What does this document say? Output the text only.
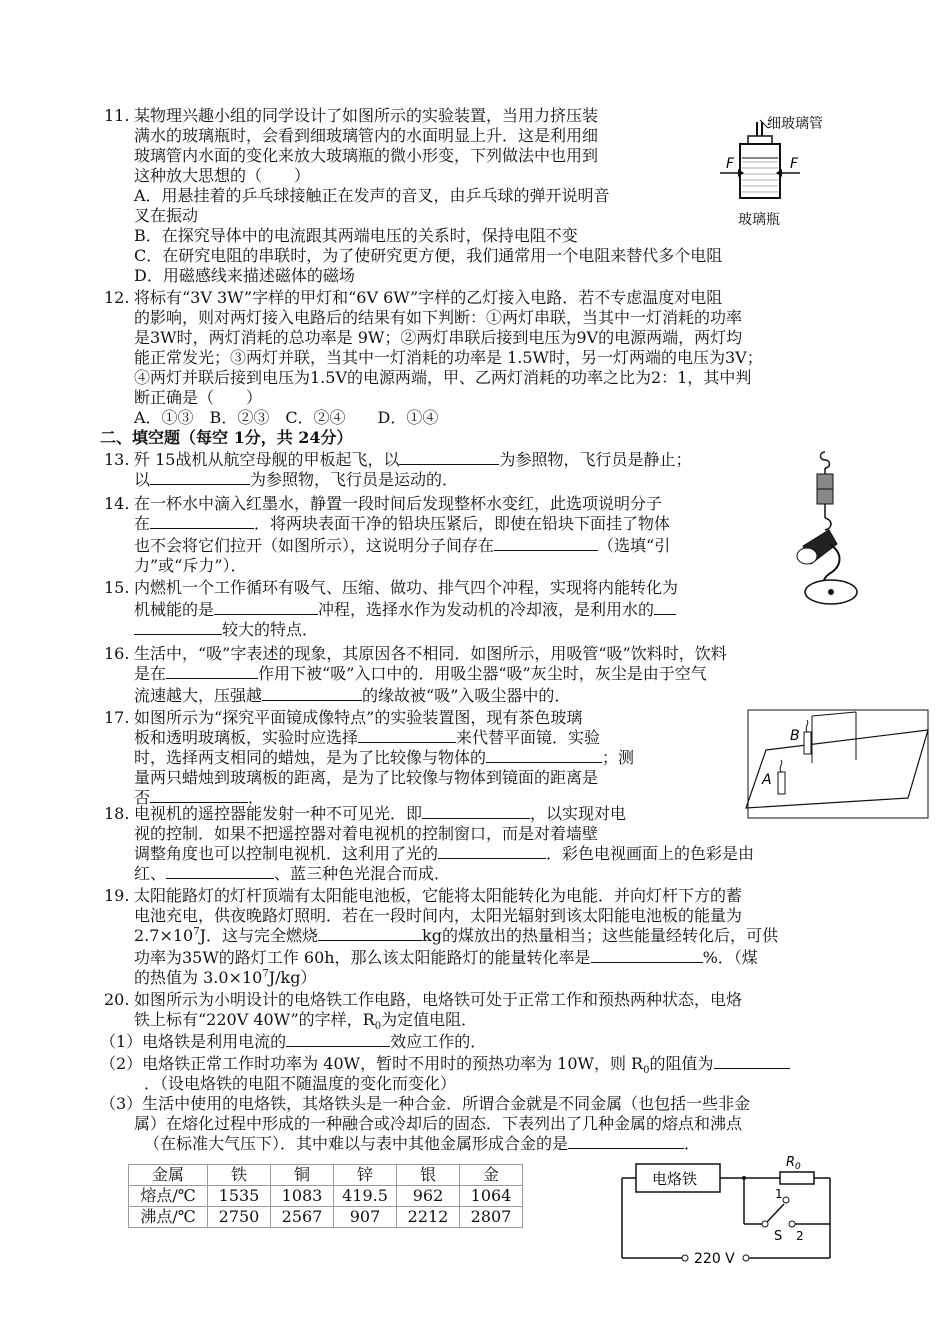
11. 某物理兴趣小组的同学设计了如图所示的实验装置，当用力挤压装
满水的玻璃瓶时，会看到细玻璃管内的水面明显上升．这是利用细
玻璃管内水面的变化来放大玻璃瓶的微小形变，下列做法中也用到
这种放大思想的（　　）
A．用悬挂着的乒乓球接触正在发声的音叉，由乒乓球的弹开说明音
叉在振动
B．在探究导体中的电流跟其两端电压的关系时，保持电阻不变
C．在研究电阻的串联时，为了使研究更方便，我们通常用一个电阻来替代多个电阻
D．用磁感线来描述磁体的磁场
细玻璃管
F	F
玻璃瓶
12. 将标有“3V 3W”字样的甲灯和“6V 6W”字样的乙灯接入电路．若不专虑温度对电阻
的影响，则对两灯接入电路后的结果有如下判断：①两灯串联，当其中一灯消耗的功率
是3W时，两灯消耗的总功率是 9W；②两灯串联后接到电压为9V的电源两端，两灯均
能正常发光；③两灯并联，当其中一灯消耗的功率是 1.5W时，另一灯两端的电压为3V；
④两灯并联后接到电压为1.5V的电源两端，甲、乙两灯消耗的功率之比为2：1，其中判
断正确是（　　）
A．①③　B．②③　C．②④　　D．①④
二、填空题（每空 1分，共 24分）
13. 歼 15战机从航空母舰的甲板起飞，以	为参照物，飞行员是静止；
以	为参照物，飞行员是运动的．
14. 在一杯水中滴入红墨水，静置一段时间后发现整杯水变红，此选项说明分子
在	．将两块表面干净的铅块压紧后，即使在铅块下面挂了物体
也不会将它们拉开（如图所示），这说明分子间存在	（选填“引
力”或“斥力”）．
15. 内燃机一个工作循环有吸气、压缩、做功、排气四个冲程，实现将内能转化为
机械能的是	冲程，选择水作为发动机的冷却液，是利用水的
较大的特点．
16. 生活中，“吸”字表述的现象，其原因各不相同．如图所示，用吸管“吸”饮料时，饮料
是在	作用下被“吸”入口中的．用吸尘器“吸”灰尘时，灰尘是由于空气
流速越大，压强越	的缘故被“吸”入吸尘器中的．
17. 如图所示为“探究平面镜成像特点”的实验装置图，现有茶色玻璃
板和透明玻璃板，实验时应选择	来代替平面镜．实验
时，选择两支相同的蜡烛，是为了比较像与物体的	；测
量两只蜡烛到玻璃板的距离，是为了比较像与物体到镜面的距离是
否	．
B
A
18. 电视机的遥控器能发射一种不可见光．即	，以实现对电
视的控制．如果不把遥控器对着电视机的控制窗口，而是对着墙壁
调整角度也可以控制电视机．这利用了光的	．彩色电视画面上的色彩是由
红、	、蓝三种色光混合而成．
19. 太阳能路灯的灯杆顶端有太阳能电池板，它能将太阳能转化为电能．并向灯杆下方的蓄
电池充电，供夜晚路灯照明．若在一段时间内，太阳光辐射到该太阳能电池板的能量为
$2.7\times 10^7J$．这与完全燃烧	kg的煤放出的热量相当；这些能量经转化后，可供
功率为35W的路灯工作 60h，那么该太阳能路灯的能量转化率是	%．（煤
的热值为 $3.0\times 10^7J/kg$）
20. 如图所示为小明设计的电烙铁工作电路，电烙铁可处于正常工作和预热两种状态，电烙
铁上标有“220V 40W”的字样，$R_0$为定值电阻．
（1）电烙铁是利用电流的	效应工作的．
（2）电烙铁正常工作时功率为 40W，暂时不用时的预热功率为 10W，则 $R_0$的阻值为
．（设电烙铁的电阻不随温度的变化而变化）
（3）生活中使用的电烙铁，其烙铁头是一种合金．所谓合金就是不同金属（也包括一些非金
属）在熔化过程中形成的一种融合或冷却后的固态．下表列出了几种金属的熔点和沸点
（在标准大气压下）．其中难以与表中其他金属形成合金的是	．
金属	铁	铜	锌	银	金
熔点/℃	1535	1083	419.5	962	1064
沸点/℃	2750	2567	907	2212	2807
电烙铁
$R_0$
1
2
S
220 V
